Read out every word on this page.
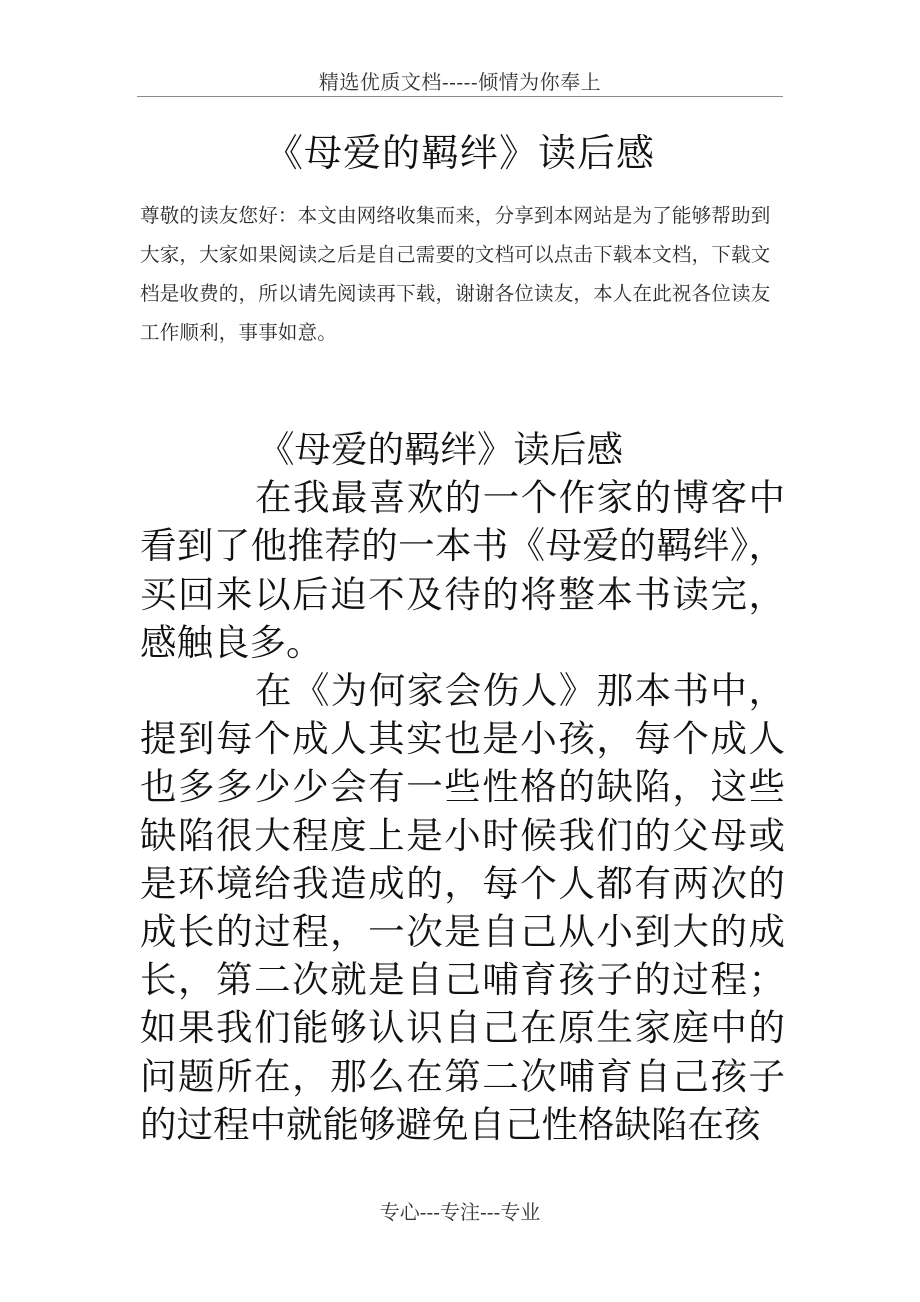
精选优质文档-----倾情为你奉上
《母爱的羁绊》读后感
尊敬的读友您好：本文由网络收集而来，分享到本网站是为了能够帮助到大家，大家如果阅读之后是自己需要的文档可以点击下载本文档，下载文档是收费的，所以请先阅读再下载，谢谢各位读友，本人在此祝各位读友工作顺利，事事如意。

《母爱的羁绊》读后感

在我最喜欢的一个作家的博客中看到了他推荐的一本书《母爱的羁绊》，买回来以后迫不及待的将整本书读完，感触良多。

在《为何家会伤人》那本书中，提到每个成人其实也是小孩，每个成人也多多少少会有一些性格的缺陷，这些缺陷很大程度上是小时候我们的父母或是环境给我造成的，每个人都有两次的成长的过程，一次是自己从小到大的成长，第二次就是自己哺育孩子的过程；如果我们能够认识自己在原生家庭中的问题所在，那么在第二次哺育自己孩子的过程中就能够避免自己性格缺陷在孩

专心---专注---专业
